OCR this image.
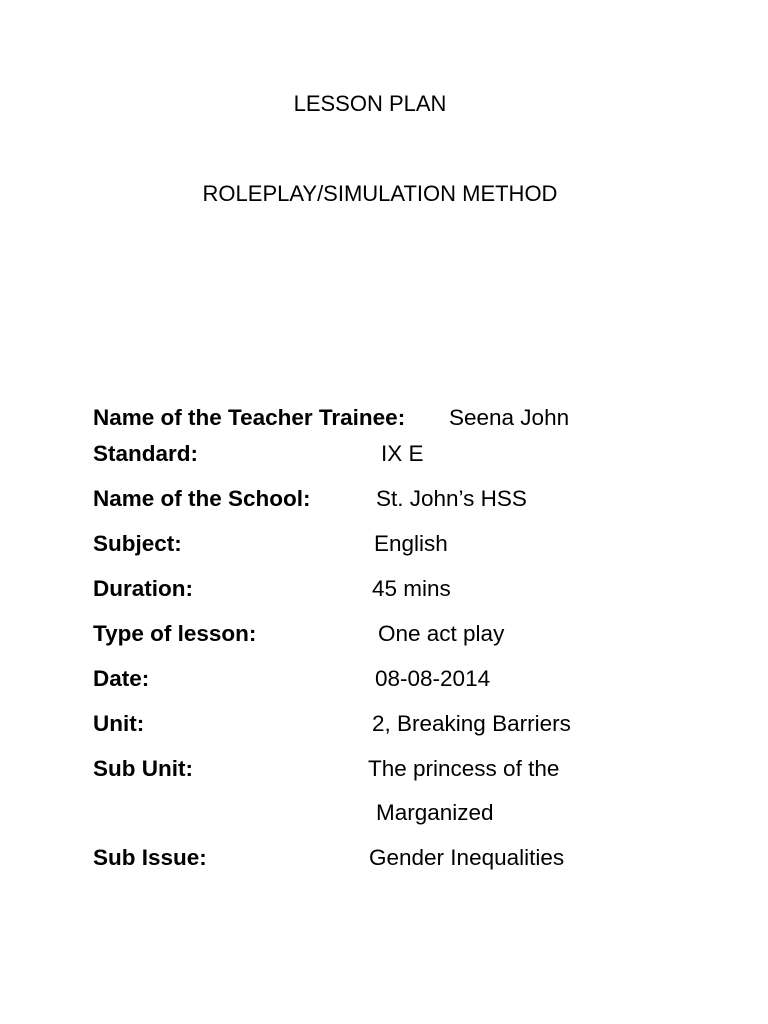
LESSON PLAN
ROLEPLAY/SIMULATION METHOD
Name of the Teacher Trainee: Seena John
Standard:	IX E
Name of the School:	St. John’s HSS
Subject:	English
Duration:	45 mins
Type of lesson:	One act play
Date:	08-08-2014
Unit:	2, Breaking Barriers
Sub Unit:	The princess of the
Marganized
Sub Issue:	Gender Inequalities
